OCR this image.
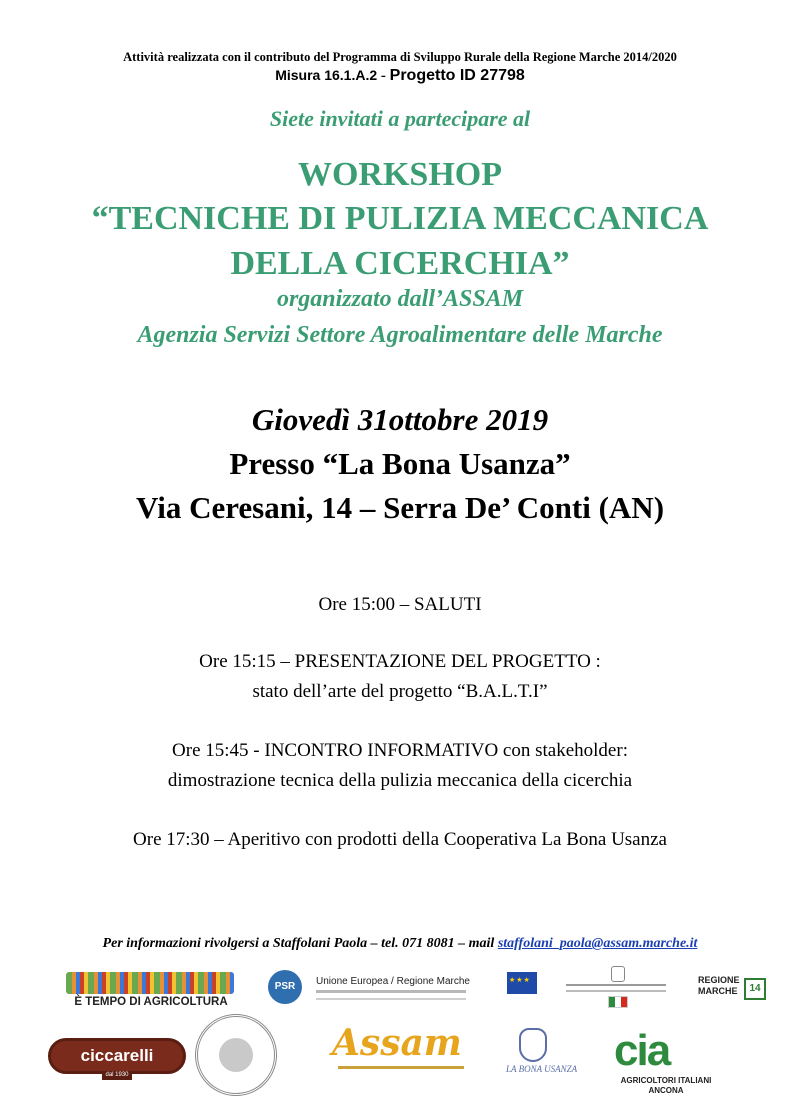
Attività realizzata con il contributo del Programma di Sviluppo Rurale della Regione Marche 2014/2020
Misura 16.1.A.2 - Progetto ID 27798
Siete invitati a partecipare al
WORKSHOP
“TECNICHE DI PULIZIA MECCANICA
DELLA CICERCHIA”
organizzato dall’ASSAM
Agenzia Servizi Settore Agroalimentare delle Marche
Giovedì 31ottobre 2019
Presso “La Bona Usanza”
Via Ceresani, 14 – Serra De’ Conti (AN)
Ore 15:00 – SALUTI
Ore 15:15 – PRESENTAZIONE DEL PROGETTO :
stato dell’arte del progetto “B.A.L.T.I”
Ore 15:45 - INCONTRO INFORMATIVO con stakeholder:
dimostrazione tecnica della pulizia meccanica della cicerchia
Ore 17:30 – Aperitivo con prodotti della Cooperativa La Bona Usanza
Per informazioni rivolgersi a Staffolani Paola – tel. 071 8081 – mail staffolani_paola@assam.marche.it
È TEMPO DI AGRICOLTURA
PSR	Unione Europea / Regione Marche
★★★	REGIONE
MARCHE	14
ciccarelli
dal 1930
Assam
LA BONA USANZA cia
AGRICOLTORI ITALIANI
ANCONA
